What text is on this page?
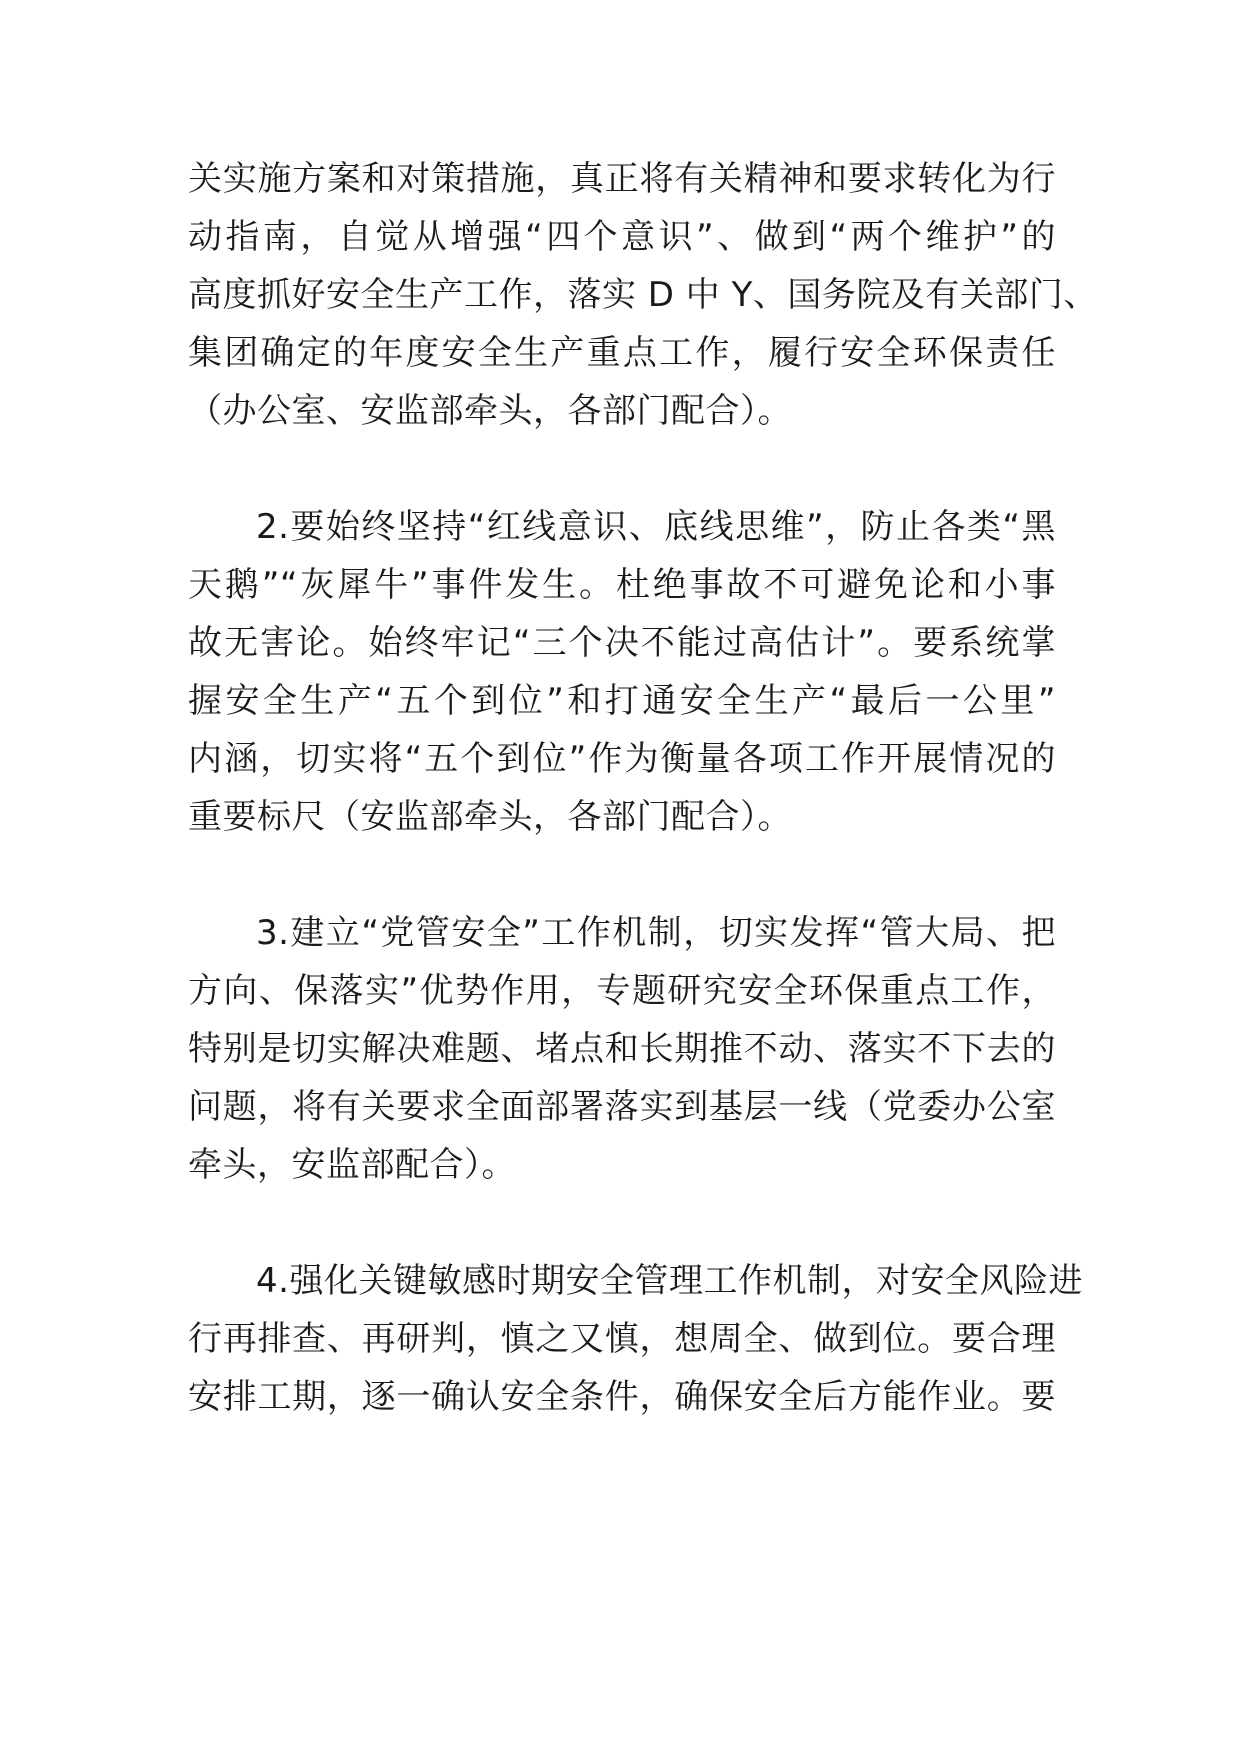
关实施方案和对策措施，真正将有关精神和要求转化为行
动指南，自觉从增强“四个意识”、做到“两个维护”的
高度抓好安全生产工作，落实 D 中 Y、国务院及有关部门、
集团确定的年度安全生产重点工作，履行安全环保责任
（办公室、安监部牵头，各部门配合）。
2.要始终坚持“红线意识、底线思维”，防止各类“黑
天鹅”“灰犀牛”事件发生。杜绝事故不可避免论和小事
故无害论。始终牢记“三个决不能过高估计”。要系统掌
握安全生产“五个到位”和打通安全生产“最后一公里”
内涵，切实将“五个到位”作为衡量各项工作开展情况的
重要标尺（安监部牵头，各部门配合）。
3.建立“党管安全”工作机制，切实发挥“管大局、把
方向、保落实”优势作用，专题研究安全环保重点工作，
特别是切实解决难题、堵点和长期推不动、落实不下去的
问题，将有关要求全面部署落实到基层一线（党委办公室
牵头，安监部配合）。
4.强化关键敏感时期安全管理工作机制，对安全风险进
行再排查、再研判，慎之又慎，想周全、做到位。要合理
安排工期，逐一确认安全条件，确保安全后方能作业。要
